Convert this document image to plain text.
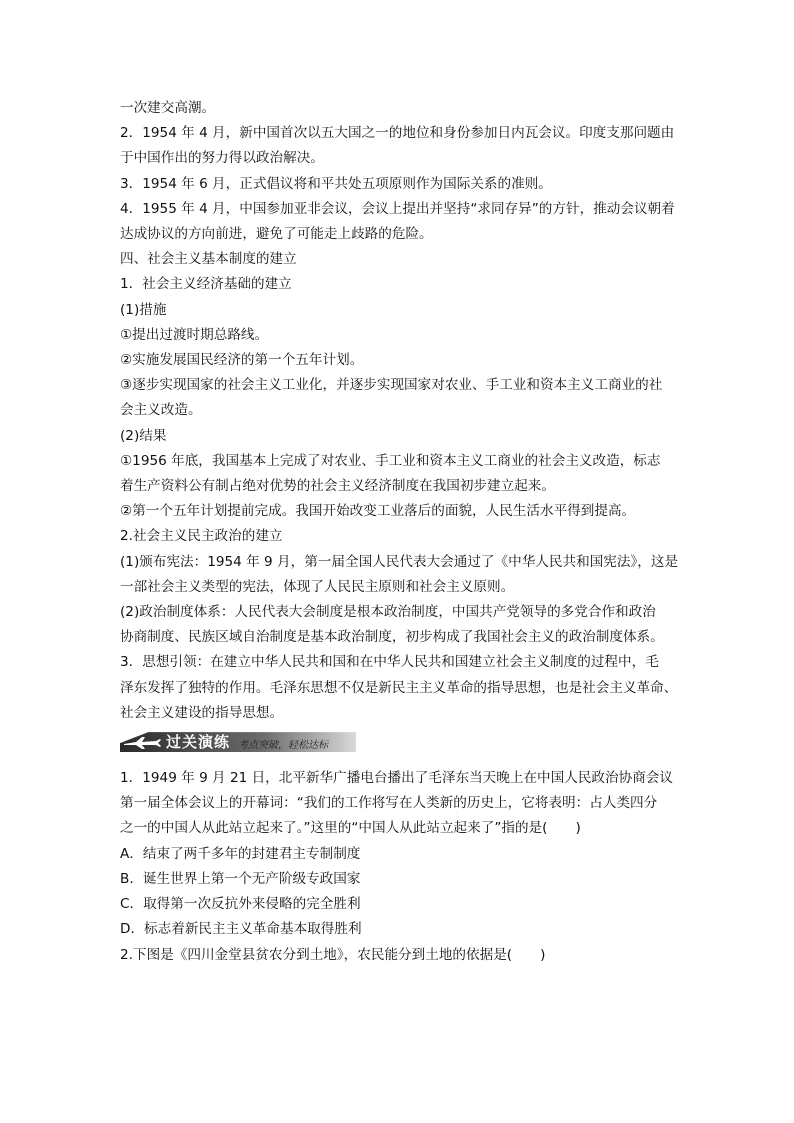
一次建交高潮。
2．1954 年 4 月，新中国首次以五大国之一的地位和身份参加日内瓦会议。印度支那问题由
于中国作出的努力得以政治解决。
3．1954 年 6 月，正式倡议将和平共处五项原则作为国际关系的准则。
4．1955 年 4 月，中国参加亚非会议，会议上提出并坚持“求同存异”的方针，推动会议朝着
达成协议的方向前进，避免了可能走上歧路的危险。
四、社会主义基本制度的建立
1．社会主义经济基础的建立
(1)措施
①提出过渡时期总路线。
②实施发展国民经济的第一个五年计划。
③逐步实现国家的社会主义工业化，并逐步实现国家对农业、手工业和资本主义工商业的社
会主义改造。
(2)结果
①1956 年底，我国基本上完成了对农业、手工业和资本主义工商业的社会主义改造，标志
着生产资料公有制占绝对优势的社会主义经济制度在我国初步建立起来。
②第一个五年计划提前完成。我国开始改变工业落后的面貌，人民生活水平得到提高。
2.社会主义民主政治的建立
(1)颁布宪法：1954 年 9 月，第一届全国人民代表大会通过了《中华人民共和国宪法》，这是
一部社会主义类型的宪法，体现了人民民主原则和社会主义原则。
(2)政治制度体系：人民代表大会制度是根本政治制度，中国共产党领导的多党合作和政治
协商制度、民族区域自治制度是基本政治制度，初步构成了我国社会主义的政治制度体系。
3．思想引领：在建立中华人民共和国和在中华人民共和国建立社会主义制度的过程中，毛
泽东发挥了独特的作用。毛泽东思想不仅是新民主主义革命的指导思想，也是社会主义革命、
社会主义建设的指导思想。
过关演练 考点突破，轻松达标
1．1949 年 9 月 21 日，北平新华广播电台播出了毛泽东当天晚上在中国人民政治协商会议
第一届全体会议上的开幕词：“我们的工作将写在人类新的历史上，它将表明：占人类四分
之一的中国人从此站立起来了。”这里的“中国人从此站立起来了”指的是( )
A．结束了两千多年的封建君主专制制度
B．诞生世界上第一个无产阶级专政国家
C．取得第一次反抗外来侵略的完全胜利
D．标志着新民主主义革命基本取得胜利
2.下图是《四川金堂县贫农分到土地》，农民能分到土地的依据是( )
